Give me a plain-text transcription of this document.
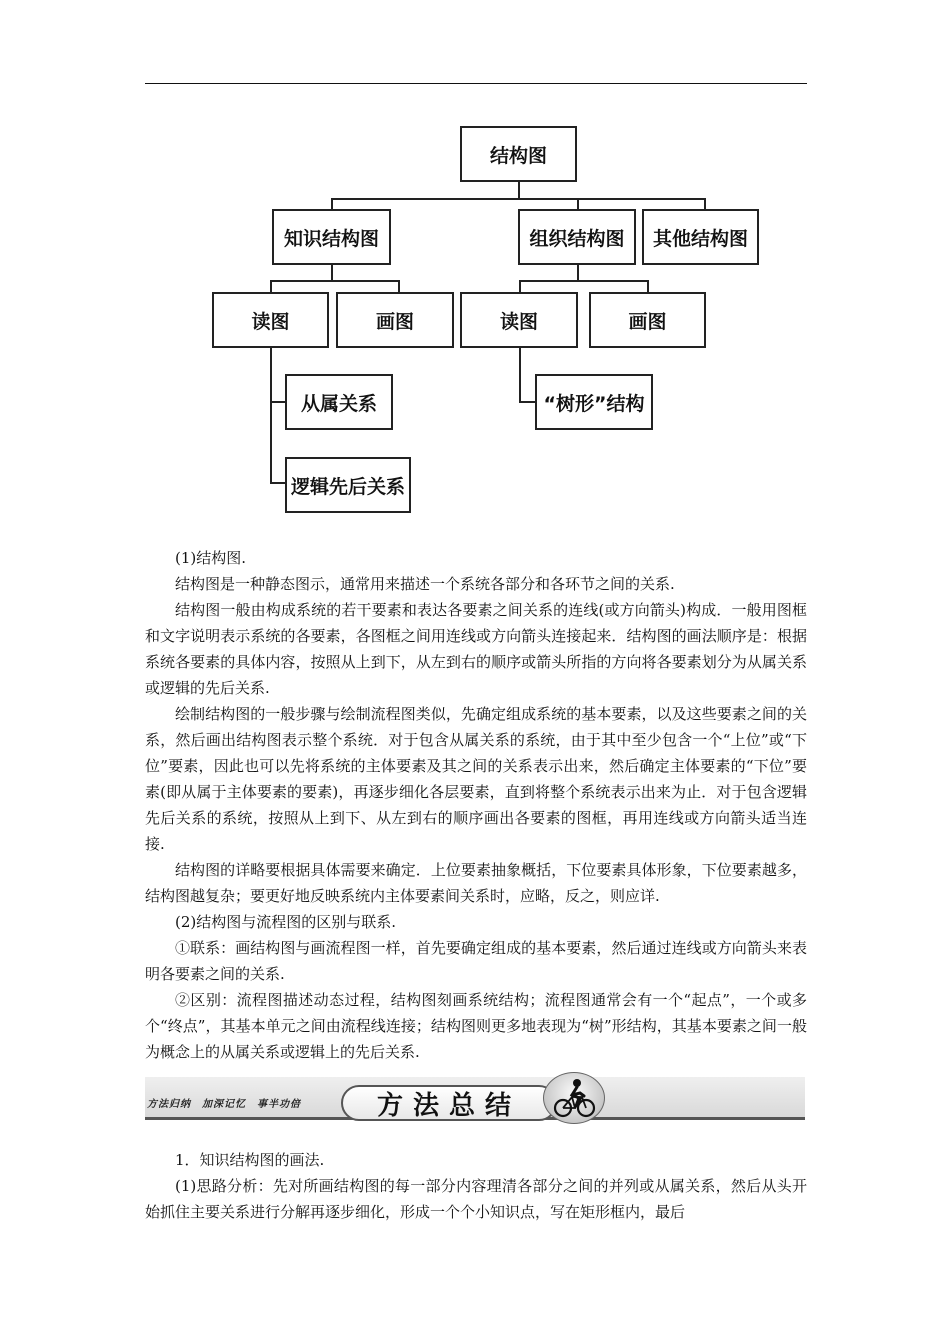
结构图
知识结构图	组织结构图	其他结构图
读图	画图	读图	画图
从属关系
逻辑先后关系
“树形”结构

(1)结构图.

结构图是一种静态图示，通常用来描述一个系统各部分和各环节之间的关系.

结构图一般由构成系统的若干要素和表达各要素之间关系的连线(或方向箭头)构成．一般用图框和文字说明表示系统的各要素，各图框之间用连线或方向箭头连接起来．结构图的画法顺序是：根据系统各要素的具体内容，按照从上到下，从左到右的顺序或箭头所指的方向将各要素划分为从属关系或逻辑的先后关系.

绘制结构图的一般步骤与绘制流程图类似，先确定组成系统的基本要素，以及这些要素之间的关系，然后画出结构图表示整个系统．对于包含从属关系的系统，由于其中至少包含一个“上位”或“下位”要素，因此也可以先将系统的主体要素及其之间的关系表示出来，然后确定主体要素的“下位”要素(即从属于主体要素的要素)，再逐步细化各层要素，直到将整个系统表示出来为止．对于包含逻辑先后关系的系统，按照从上到下、从左到右的顺序画出各要素的图框，再用连线或方向箭头适当连接.

结构图的详略要根据具体需要来确定．上位要素抽象概括，下位要素具体形象，下位要素越多，结构图越复杂；要更好地反映系统内主体要素间关系时，应略，反之，则应详.

(2)结构图与流程图的区别与联系.

①联系：画结构图与画流程图一样，首先要确定组成的基本要素，然后通过连线或方向箭头来表明各要素之间的关系.

②区别：流程图描述动态过程，结构图刻画系统结构；流程图通常会有一个“起点”，一个或多个“终点”，其基本单元之间由流程线连接；结构图则更多地表现为“树”形结构，其基本要素之间一般为概念上的从属关系或逻辑上的先后关系.

方法归纳　加深记忆　事半功倍	方法总结

1．知识结构图的画法.

(1)思路分析：先对所画结构图的每一部分内容理清各部分之间的并列或从属关系，然后从头开始抓住主要关系进行分解再逐步细化，形成一个个小知识点，写在矩形框内，最后
